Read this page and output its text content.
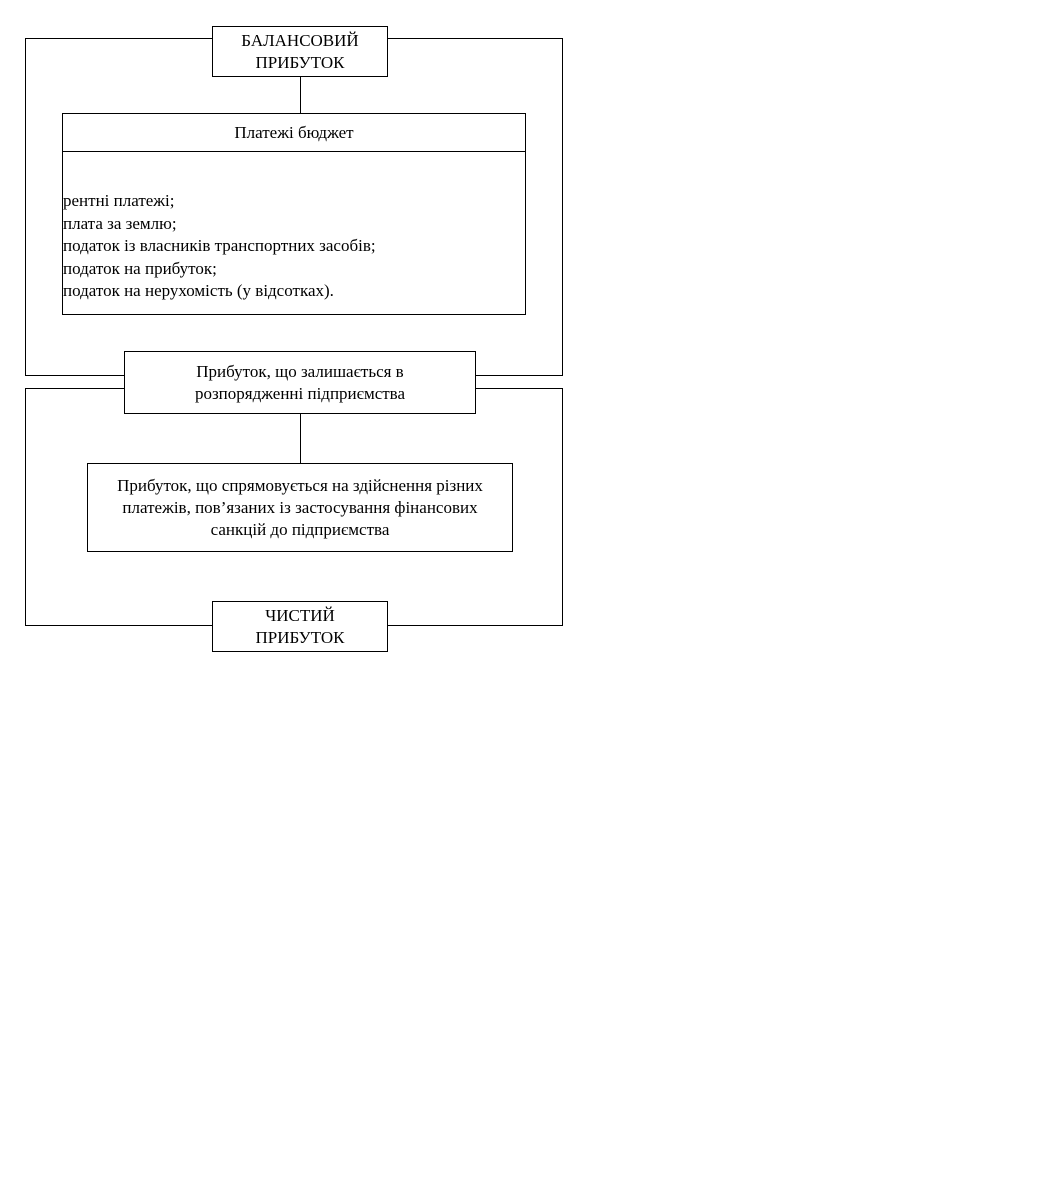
БАЛАНСОВИЙ
ПРИБУТОК
Платежі бюджет
рентні платежі;
плата за землю;
податок із власників транспортних засобів;
податок на прибуток;
податок на нерухомість (у відсотках).
Прибуток, що залишається в
розпорядженні підприємства
Прибуток, що спрямовується на здійснення різних
платежів, пов’язаних із застосування фінансових
санкцій до підприємства
ЧИСТИЙ
ПРИБУТОК
